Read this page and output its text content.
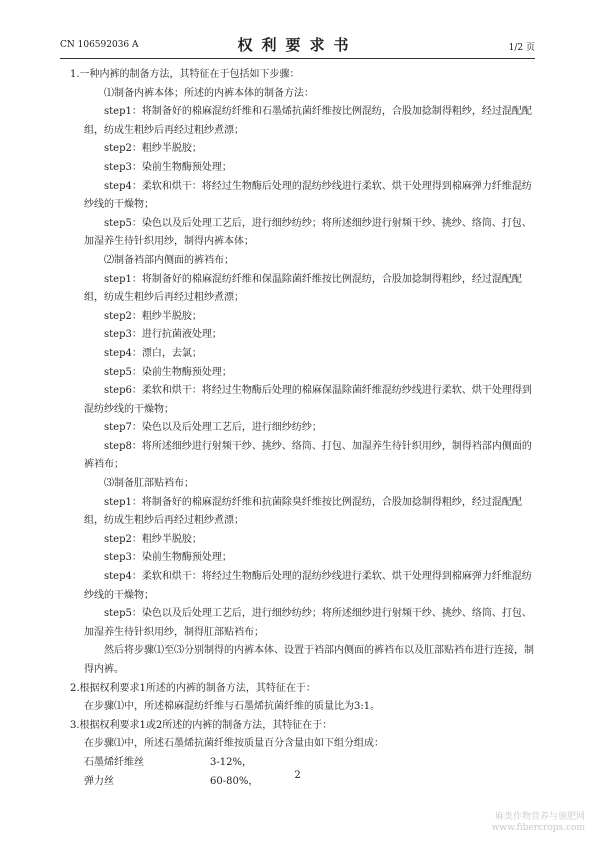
CN 106592036 A	权利要求书	1/2 页

1.一种内裤的制备方法，其特征在于包括如下步骤：

⑴制备内裤本体；所述的内裤本体的制备方法：

step1：将制备好的棉麻混纺纤维和石墨烯抗菌纤维按比例混纺，合股加捻制得粗纱，经过混配配组，纺成生粗纱后再经过粗纱煮漂；

step2：粗纱半脱胶；

step3：染前生物酶预处理；

step4：柔软和烘干：将经过生物酶后处理的混纺纱线进行柔软、烘干处理得到棉麻弹力纤维混纺纱线的干燥物；

step5：染色以及后处理工艺后，进行细纱纺纱；将所述细纱进行射频干纱、挑纱、络筒、打包、加湿养生待针织用纱，制得内裤本体；

⑵制备裆部内侧面的裤裆布；

step1：将制备好的棉麻混纺纤维和保温除菌纤维按比例混纺，合股加捻制得粗纱，经过混配配组，纺成生粗纱后再经过粗纱煮漂；

step2：粗纱半脱胶；

step3：进行抗菌液处理；

step4：漂白，去氯；

step5：染前生物酶预处理；

step6：柔软和烘干：将经过生物酶后处理的棉麻保温除菌纤维混纺纱线进行柔软、烘干处理得到混纺纱线的干燥物；

step7：染色以及后处理工艺后，进行细纱纺纱；

step8：将所述细纱进行射频干纱、挑纱、络筒、打包、加湿养生待针织用纱，制得裆部内侧面的裤裆布；

⑶制备肛部贴裆布；

step1：将制备好的棉麻混纺纤维和抗菌除臭纤维按比例混纺，合股加捻制得粗纱，经过混配配组，纺成生粗纱后再经过粗纱煮漂；

step2：粗纱半脱胶；

step3：染前生物酶预处理；

step4：柔软和烘干：将经过生物酶后处理的混纺纱线进行柔软、烘干处理得到棉麻弹力纤维混纺纱线的干燥物；

step5：染色以及后处理工艺后，进行细纱纺纱；将所述细纱进行射频干纱、挑纱、络筒、打包、加湿养生待针织用纱，制得肛部贴裆布；

然后将步骤⑴至⑶分别制得的内裤本体、设置于裆部内侧面的裤裆布以及肛部贴裆布进行连接，制得内裤。

2.根据权利要求1所述的内裤的制备方法，其特征在于：

在步骤⑴中，所述棉麻混纺纤维与石墨烯抗菌纤维的质量比为3:1。

3.根据权利要求1或2所述的内裤的制备方法，其特征在于：

在步骤⑴中，所述石墨烯抗菌纤维按质量百分含量由如下组分组成：

石墨烯纤维丝	3-12%，
弹力丝	60-80%，
2
麻类作物营养与施肥网
www.fibercrops.com
